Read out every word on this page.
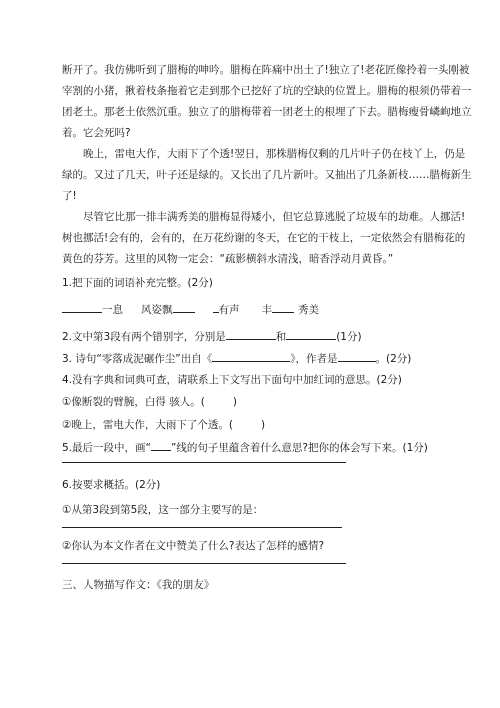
断开了。我仿佛听到了腊梅的呻吟。腊梅在阵痛中出土了!独立了!老花匠像拎着一头刚被
宰割的小猪，揪着枝条拖着它走到那个已挖好了坑的空缺的位置上。腊梅的根须仍带着一
团老土。那老土依然沉重。独立了的腊梅带着一团老土的根埋了下去。腊梅瘦骨嶙峋地立
着。它会死吗?
晚上，雷电大作，大雨下了个透!翌日，那株腊梅仅剩的几片叶子仍在枝丫上，仍是
绿的。又过了几天，叶子还是绿的。又长出了几片新叶。又抽出了几条新枝……腊梅新生
了!
尽管它比那一排丰满秀美的腊梅显得矮小，但它总算逃脱了垃圾车的劫难。人挪活!
树也挪活!会有的，会有的，在万花纷谢的冬天，在它的干枝上，一定依然会有腊梅花的
黄色的芬芳。这里的风物一定会：“疏影横斜水清浅，暗香浮动月黄昏。”
1.把下面的词语补充完整。(2分)
一息 风姿飘	有声 丰 秀美
2.文中第3段有两个错别字，分别是	和	(1分)
3. 诗句“零落成泥碾作尘”出自《	》，作者是	。(2分)
4.没有字典和词典可查，请联系上下文写出下面句中加红词的意思。(2分)
①像断裂的臂腕，白得 骇人。(	)
②晚上，雷电大作，大雨下了个透。(	)
5.最后一段中，画“ ”线的句子里蕴含着什么意思?把你的体会写下来。(1分)
6.按要求概括。(2分)
①从第3段到第5段，这一部分主要写的是：
②你认为本文作者在文中赞美了什么?表达了怎样的感情?
三、人物描写作文：《我的朋友》
